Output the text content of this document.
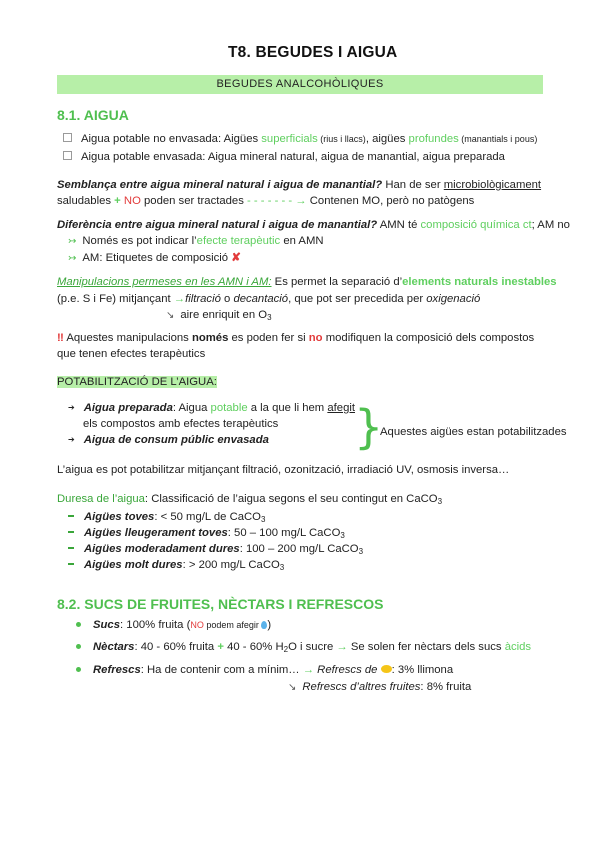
T8. BEGUDES I AIGUA
BEGUDES ANALCOHÒLIQUES
8.1. AIGUA
Aigua potable no envasada: Aigües superficials (rius i llacs), aigües profundes (manantials i pous)
Aigua potable envasada: Aigua mineral natural, aigua de manantial, aigua preparada
Semblança entre aigua mineral natural i aigua de manantial? Han de ser microbiològicament
saludables + NO poden ser tractades - - - - - - - → Contenen MO, però no patògens
Diferència entre aigua mineral natural i aigua de manantial? AMN té composició química ct; AM no
↣ Només es pot indicar l’efecte terapèutic en AMN
↣ AM: Etiquetes de composició ✘
Manipulacions permeses en les AMN i AM: Es permet la separació d’elements naturals inestables
(p.e. S i Fe) mitjançant →filtració o decantació, que pot ser precedida per oxigenació
↘ aire enriquit en $O_3$
‼ Aquestes manipulacions només es poden fer si no modifiquen la composició dels compostos
que tenen efectes terapèutics
POTABILITZACIÓ DE L’AIGUA:
➔ Aigua preparada: Aigua potable a la que li hem afegit
els compostos amb efectes terapèutics
➔ Aigua de consum públic envasada }
Aquestes aigües estan potabilitzades
L’aigua es pot potabilitzar mitjançant filtració, ozonització, irradiació UV, osmosis inversa…
Duresa de l’aigua: Classificació de l’aigua segons el seu contingut en CaCO$_3$
Aigües toves: < 50 mg/L de CaCO$_3$
Aigües lleugerament toves: 50 – 100 mg/L CaCO$_3$
Aigües moderadament dures: 100 – 200 mg/L CaCO$_3$
Aigües molt dures: > 200 mg/L CaCO$_3$
8.2. SUCS DE FRUITES, NÈCTARS I REFRESCOS
Sucs: 100% fruita (NO podem afegir )
Nèctars: 40 - 60% fruita + 40 - 60% $H_2O$ i sucre → Se solen fer nèctars dels sucs àcids
Refrescs: Ha de contenir com a mínim… → Refrescs de : 3% llimona
↘ Refrescs d’altres fruites: 8% fruita
